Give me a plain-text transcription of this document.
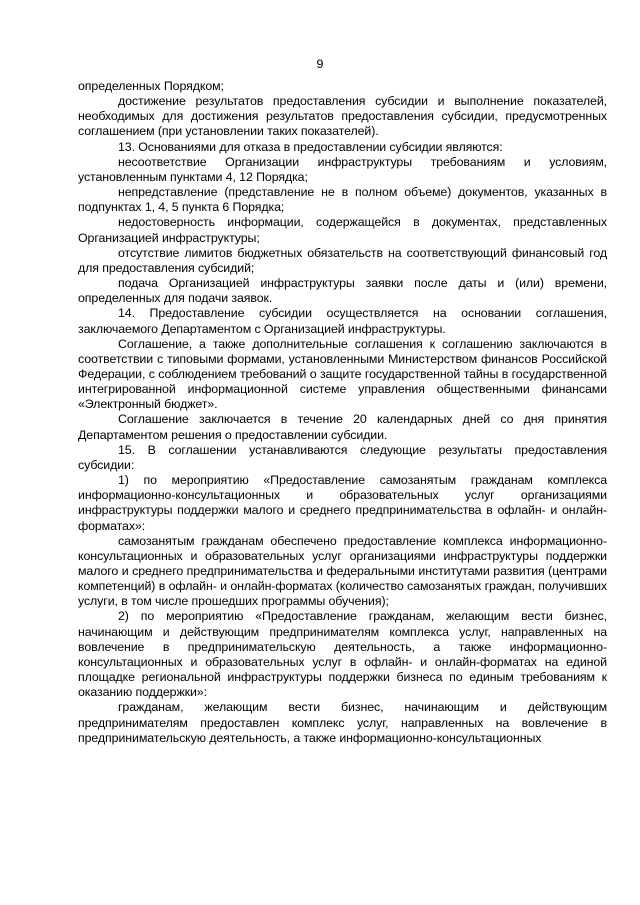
9

определенных Порядком;

достижение результатов предоставления субсидии и выполнение показателей, необходимых для достижения результатов предоставления субсидии, предусмотренных соглашением (при установлении таких показателей).

13. Основаниями для отказа в предоставлении субсидии являются:

несоответствие Организации инфраструктуры требованиям и условиям, установленным пунктами 4, 12 Порядка;

непредставление (представление не в полном объеме) документов, указанных в подпунктах 1, 4, 5 пункта 6 Порядка;

недостоверность информации, содержащейся в документах, представленных Организацией инфраструктуры;

отсутствие лимитов бюджетных обязательств на соответствующий финансовый год для предоставления субсидий;

подача Организацией инфраструктуры заявки после даты и (или) времени, определенных для подачи заявок.

14. Предоставление субсидии осуществляется на основании соглашения, заключаемого Департаментом с Организацией инфраструктуры.

Соглашение, а также дополнительные соглашения к соглашению заключаются в соответствии с типовыми формами, установленными Министерством финансов Российской Федерации, с соблюдением требований о защите государственной тайны в государственной интегрированной информационной системе управления общественными финансами «Электронный бюджет».

Соглашение заключается в течение 20 календарных дней со дня принятия Департаментом решения о предоставлении субсидии.

15. В соглашении устанавливаются следующие результаты предоставления субсидии:

1) по мероприятию «Предоставление самозанятым гражданам комплекса информационно-консультационных и образовательных услуг организациями инфраструктуры поддержки малого и среднего предпринимательства в офлайн- и онлайн-форматах»:

самозанятым гражданам обеспечено предоставление комплекса информационно-консультационных и образовательных услуг организациями инфраструктуры поддержки малого и среднего предпринимательства и федеральными институтами развития (центрами компетенций) в офлайн- и онлайн-форматах (количество самозанятых граждан, получивших услуги, в том числе прошедших программы обучения);

2) по мероприятию «Предоставление гражданам, желающим вести бизнес, начинающим и действующим предпринимателям комплекса услуг, направленных на вовлечение в предпринимательскую деятельность, а также информационно-консультационных и образовательных услуг в офлайн- и онлайн-форматах на единой площадке региональной инфраструктуры поддержки бизнеса по единым требованиям к оказанию поддержки»:

гражданам, желающим вести бизнес, начинающим и действующим предпринимателям предоставлен комплекс услуг, направленных на вовлечение в предпринимательскую деятельность, а также информационно-консультационных
